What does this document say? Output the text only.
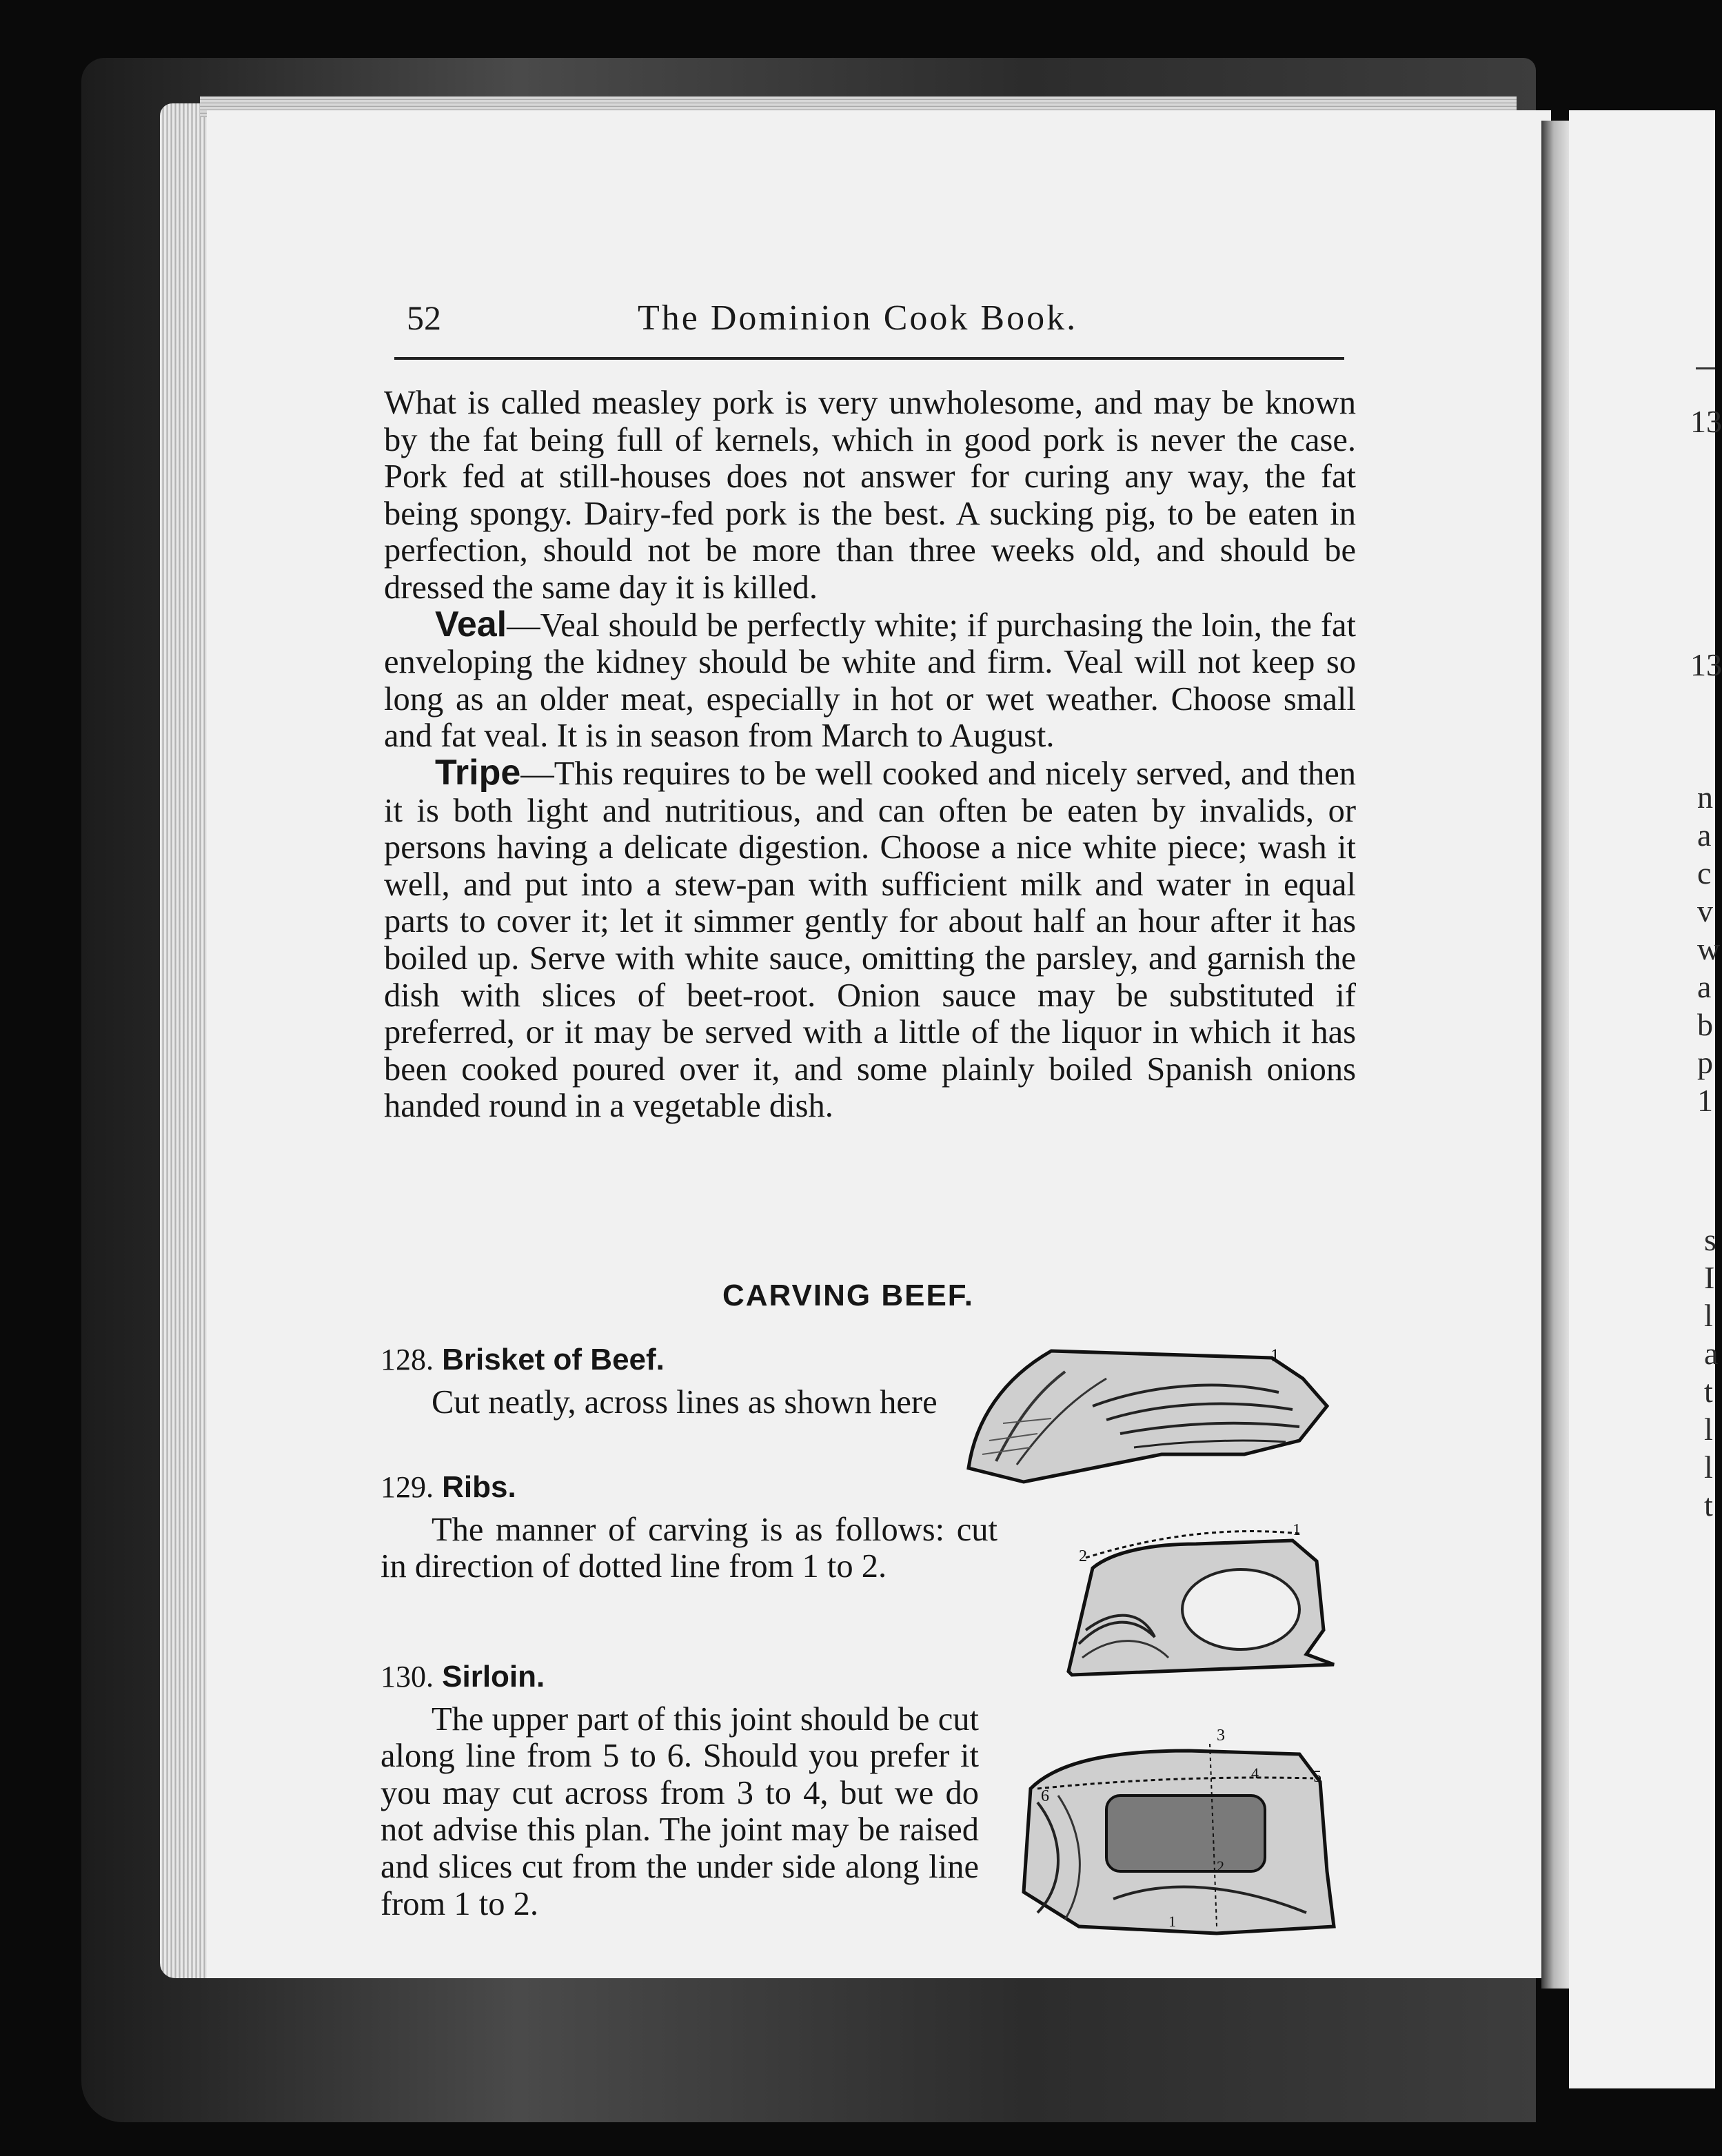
13
13
n
a
c
v
w
a
b
p
1
s
I
l
a
t
l
l
t
52	The Dominion Cook Book.

What is called measley pork is very unwholesome, and may be known by the fat being full of kernels, which in good pork is never the case. Pork fed at still-houses does not answer for curing any way, the fat being spongy. Dairy-fed pork is the best. A sucking pig, to be eaten in perfection, should not be more than three weeks old, and should be dressed the same day it is killed.

Veal—Veal should be perfectly white; if purchasing the loin, the fat enveloping the kidney should be white and firm. Veal will not keep so long as an older meat, especially in hot or wet weather. Choose small and fat veal. It is in season from March to August.

Tripe—This requires to be well cooked and nicely served, and then it is both light and nutritious, and can often be eaten by invalids, or persons having a delicate digestion. Choose a nice white piece; wash it well, and put into a stew-pan with sufficient milk and water in equal parts to cover it; let it simmer gently for about half an hour after it has boiled up. Serve with white sauce, omitting the parsley, and garnish the dish with slices of beet-root. Onion sauce may be substituted if preferred, or it may be served with a little of the liquor in which it has been cooked poured over it, and some plainly boiled Spanish onions handed round in a vegetable dish.

CARVING BEEF.
128. Brisket of Beef.

Cut neatly, across lines as shown here

129. Ribs.

The manner of carving is as follows: cut in direction of dotted line from 1 to 2.

130. Sirloin.

The upper part of this joint should be cut along line from 5 to 6. Should you prefer it you may cut across from 3 to 4, but we do not advise this plan. The joint may be raised and slices cut from the under side along line from 1 to 2.

1
1
2
3
5
6
4
2
1
